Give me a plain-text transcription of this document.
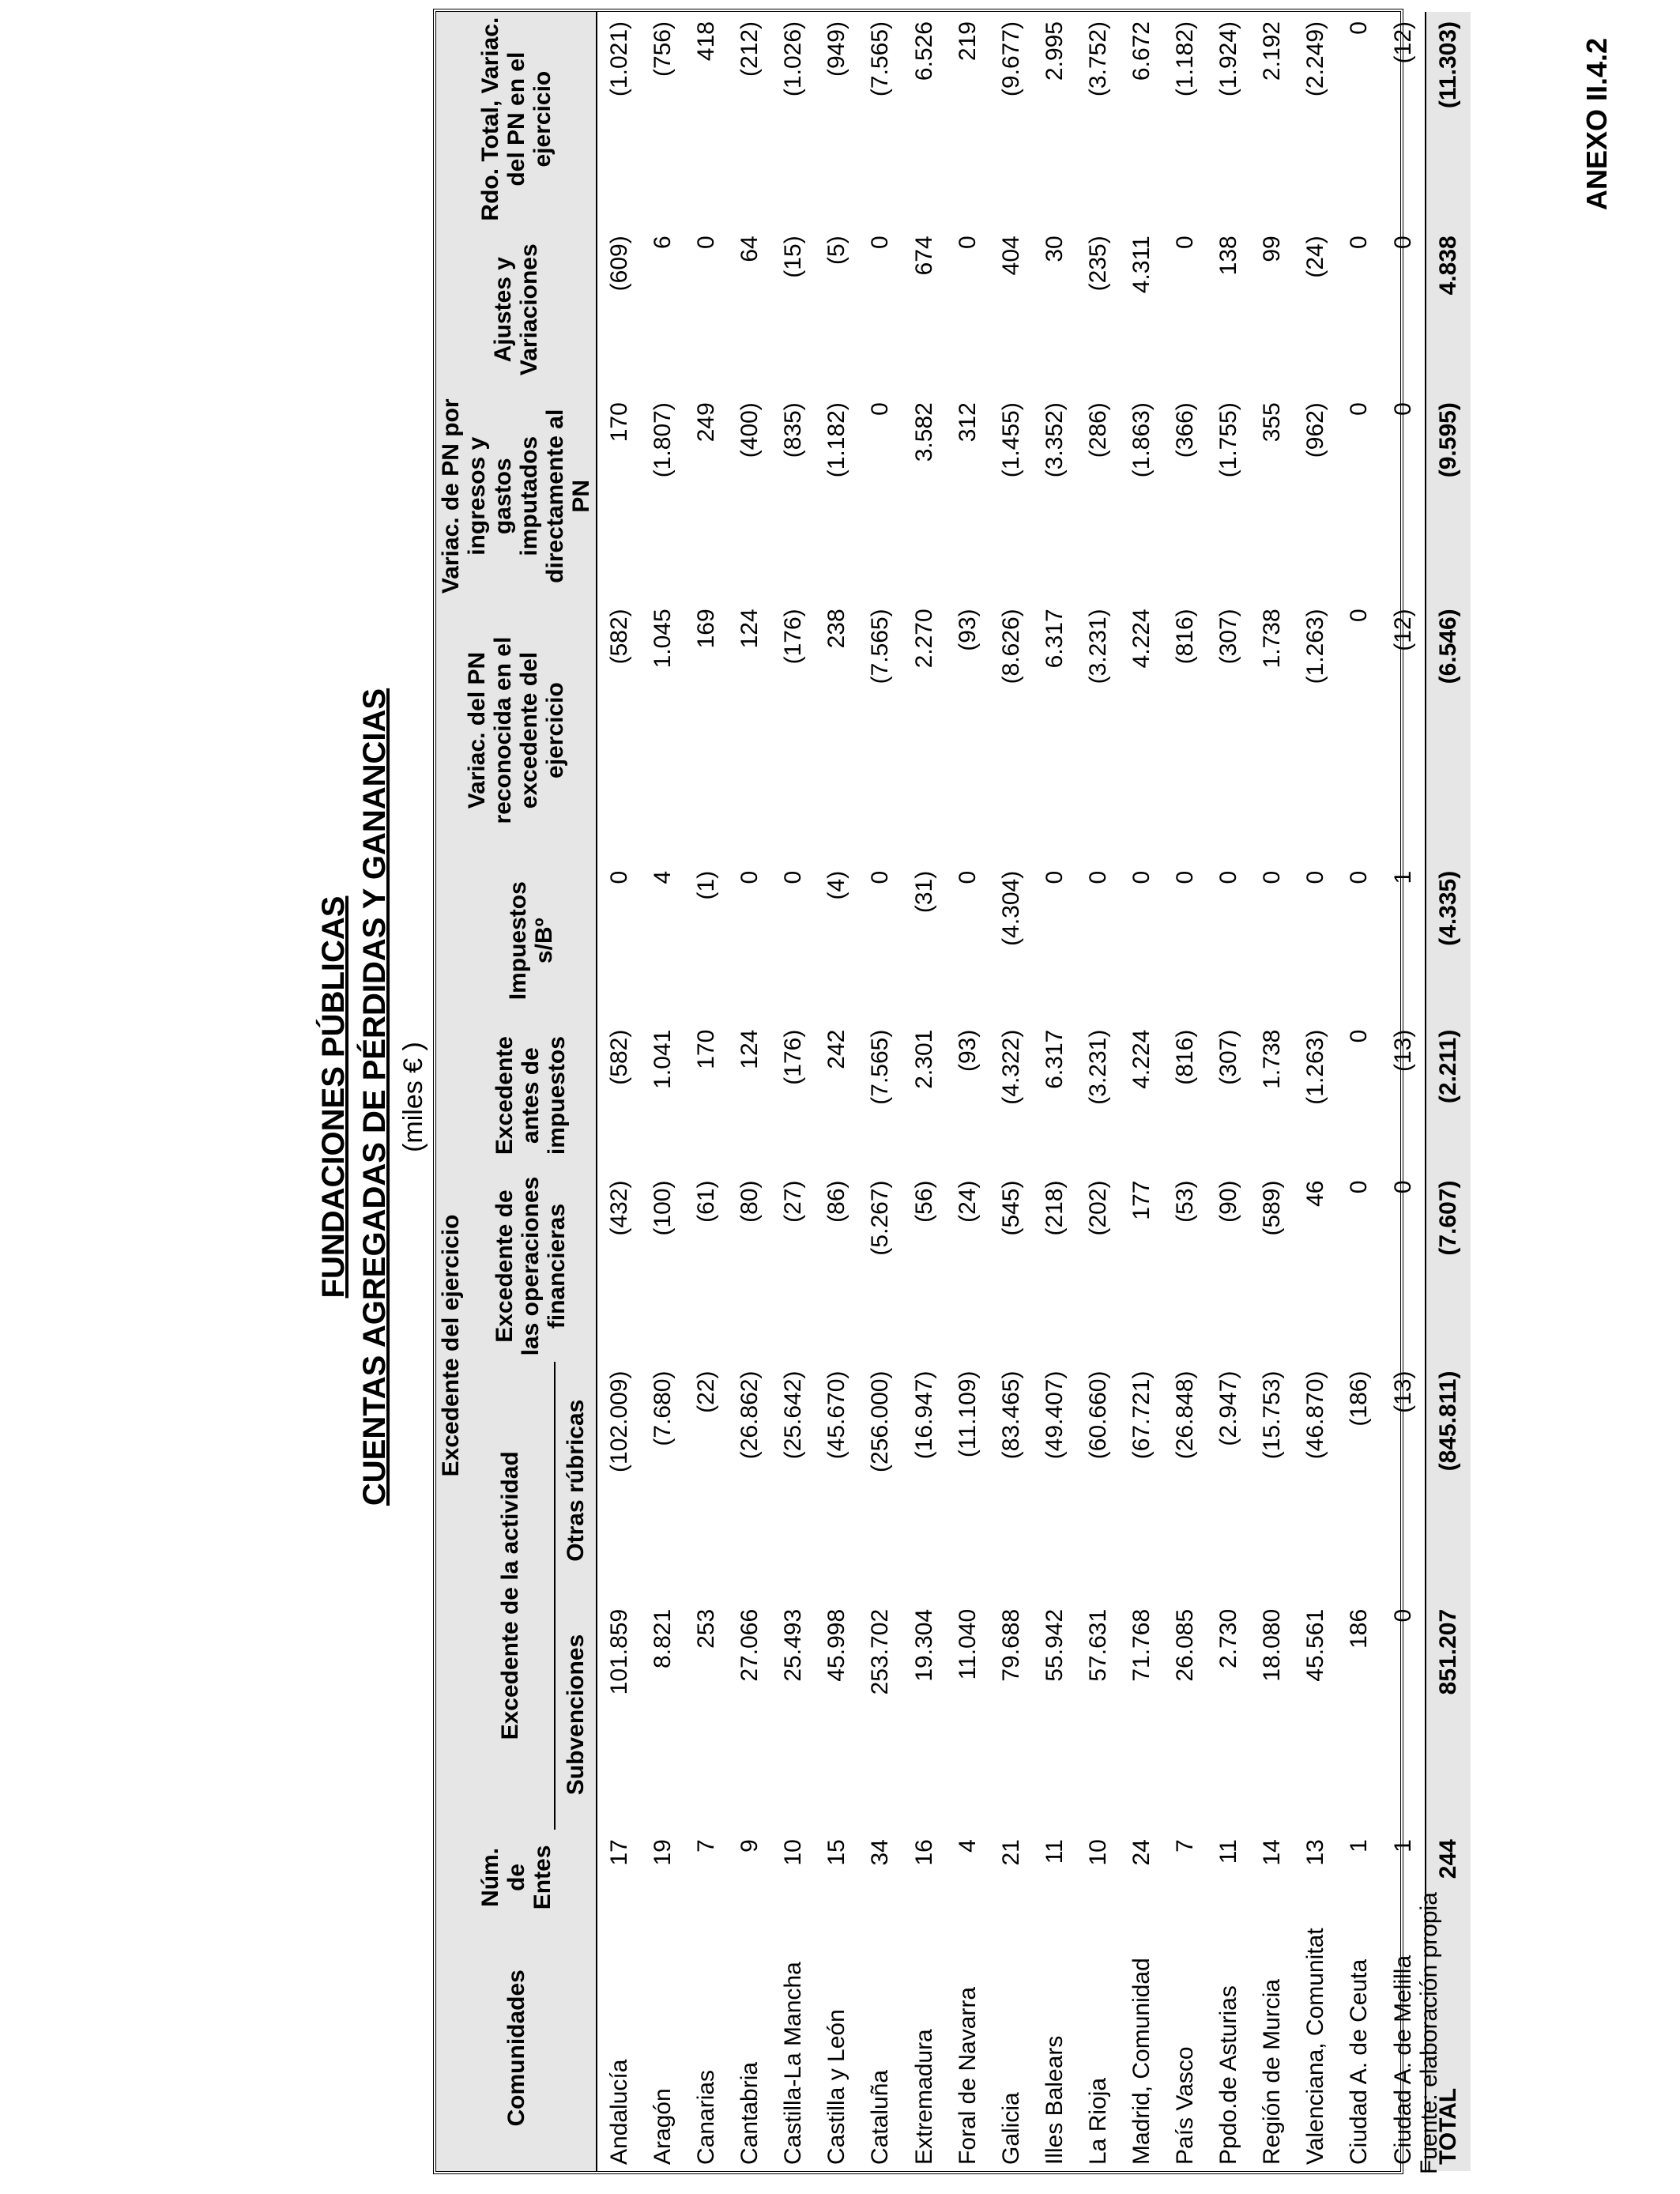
ANEXO II.4.2
FUNDACIONES PÚBLICAS CUENTAS AGREGADAS DE PÉRDIDAS Y GANANCIAS (miles € )
Comunidades	Núm. de Entes	Excedente del ejercicio					Variac. del PN reconocida en el excedente del ejercicio	Variac. de PN por ingresos y gastos imputados directamente al PN	Ajustes y Variaciones	Rdo. Total, Variac. del PN en el ejercicio
		Excedente de la actividad		Excedente de las operaciones financieras	Excedente antes de impuestos	Impuestos s/Bº				
		Subvenciones	Otras rúbricas							
Andalucía	17	101.859	(102.009)	(432)	(582)	0	(582)	170	(609)	(1.021)
Aragón	19	8.821	(7.680)	(100)	1.041	4	1.045	(1.807)	6	(756)
Canarias	7	253	(22)	(61)	170	(1)	169	249	0	418
Cantabria	9	27.066	(26.862)	(80)	124	0	124	(400)	64	(212)
Castilla-La Mancha	10	25.493	(25.642)	(27)	(176)	0	(176)	(835)	(15)	(1.026)
Castilla y León	15	45.998	(45.670)	(86)	242	(4)	238	(1.182)	(5)	(949)
Cataluña	34	253.702	(256.000)	(5.267)	(7.565)	0	(7.565)	0	0	(7.565)
Extremadura	16	19.304	(16.947)	(56)	2.301	(31)	2.270	3.582	674	6.526
Foral de Navarra	4	11.040	(11.109)	(24)	(93)	0	(93)	312	0	219
Galicia	21	79.688	(83.465)	(545)	(4.322)	(4.304)	(8.626)	(1.455)	404	(9.677)
Illes Balears	11	55.942	(49.407)	(218)	6.317	0	6.317	(3.352)	30	2.995
La Rioja	10	57.631	(60.660)	(202)	(3.231)	0	(3.231)	(286)	(235)	(3.752)
Madrid, Comunidad	24	71.768	(67.721)	177	4.224	0	4.224	(1.863)	4.311	6.672
País Vasco	7	26.085	(26.848)	(53)	(816)	0	(816)	(366)	0	(1.182)
Ppdo.de Asturias	11	2.730	(2.947)	(90)	(307)	0	(307)	(1.755)	138	(1.924)
Región de Murcia	14	18.080	(15.753)	(589)	1.738	0	1.738	355	99	2.192
Valenciana, Comunitat	13	45.561	(46.870)	46	(1.263)	0	(1.263)	(962)	(24)	(2.249)
Ciudad A. de Ceuta	1	186	(186)	0	0	0	0	0	0	0
Ciudad A. de Melilla	1	0	(13)	0	(13)	1	(12)	0	0	(12)
TOTAL	244	851.207	(845.811)	(7.607)	(2.211)	(4.335)	(6.546)	(9.595)	4.838	(11.303)
Fuente: elaboración propia
